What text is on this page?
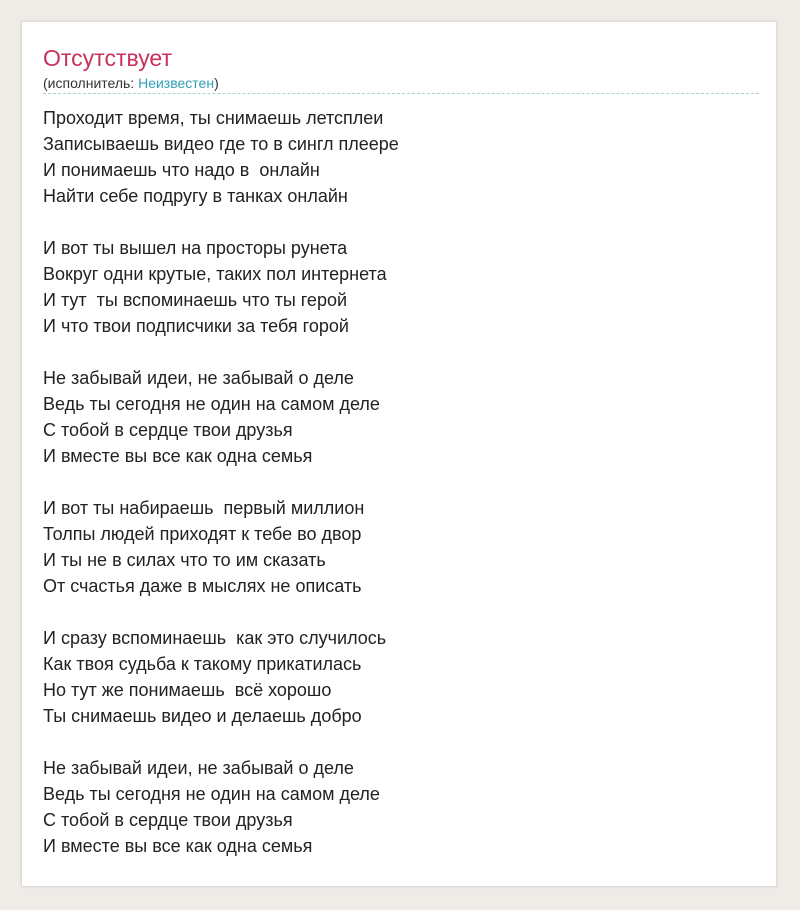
Отсутствует
(исполнитель: Неизвестен)
Проходит время, ты снимаешь летсплеи
Записываешь видео где то в сингл плеере
И понимаешь что надо в  онлайн
Найти себе подругу в танках онлайн
И вот ты вышел на просторы рунета
Вокруг одни крутые, таких пол интернета
И тут  ты вспоминаешь что ты герой
И что твои подписчики за тебя горой
Не забывай идеи, не забывай о деле
Ведь ты сегодня не один на самом деле
С тобой в сердце твои друзья
И вместе вы все как одна семья
И вот ты набираешь  первый миллион
Толпы людей приходят к тебе во двор
И ты не в силах что то им сказать
От счастья даже в мыслях не описать
И сразу вспоминаешь  как это случилось
Как твоя судьба к такому прикатилась
Но тут же понимаешь  всё хорошо
Ты снимаешь видео и делаешь добро
Не забывай идеи, не забывай о деле
Ведь ты сегодня не один на самом деле
С тобой в сердце твои друзья
И вместе вы все как одна семья
